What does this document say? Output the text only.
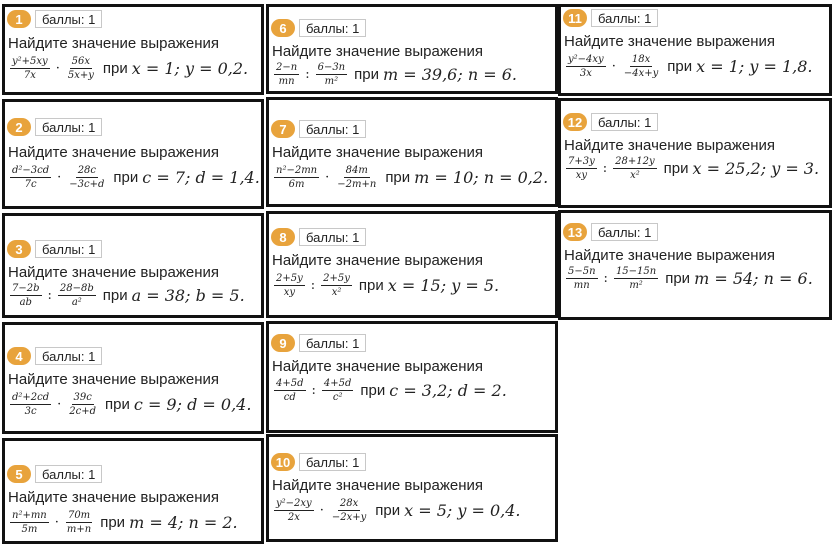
1	баллы: 1
Найдите значение выражения
$\frac{\text{y²+5xy}}{7x} \cdot \frac{56x}{5x+y}$ при x = 1; y = 0,2.
2	баллы: 1
Найдите значение выражения
$\frac{\text{d²−3cd}}{7c} \cdot \frac{28c}{-3c+d}$ при c = 7; d = 1,4.
3	баллы: 1
Найдите значение выражения
$\frac{7-2b}{ab}$ : $\frac{28-8b}{\text{a²}}$ при a = 38; b = 5.
4	баллы: 1
Найдите значение выражения
$\frac{\text{d²+2cd}}{3c} \cdot \frac{39c}{2c+d}$ при c = 9; d = 0,4.
5	баллы: 1
Найдите значение выражения
$\frac{\text{n²+mn}}{5m} \cdot \frac{70m}{m+n}$ при m = 4; n = 2.
6	баллы: 1
Найдите значение выражения
$\frac{2-n}{mn}$ : $\frac{6-3n}{\text{m²}}$ при m = 39,6; n = 6.
7	баллы: 1
Найдите значение выражения
$\frac{\text{n²−2mn}}{6m} \cdot \frac{84m}{-2m+n}$ при m = 10; n = 0,2.
8	баллы: 1
Найдите значение выражения
$\frac{2+5y}{xy}$ : $\frac{2+5y}{\text{x²}}$ при x = 15; y = 5.
9	баллы: 1
Найдите значение выражения
$\frac{4+5d}{cd}$ : $\frac{4+5d}{\text{c²}}$ при c = 3,2; d = 2.
10	баллы: 1
Найдите значение выражения
$\frac{\text{y²−2xy}}{2x} \cdot \frac{28x}{-2x+y}$ при x = 5; y = 0,4.
11	баллы: 1
Найдите значение выражения
$\frac{\text{y²−4xy}}{3x} \cdot \frac{18x}{-4x+y}$ при x = 1; y = 1,8.
12	баллы: 1
Найдите значение выражения
$\frac{7+3y}{xy}$ : $\frac{28+12y}{\text{x²}}$ при x = 25,2; y = 3.
13	баллы: 1
Найдите значение выражения
$\frac{5-5n}{mn}$ : $\frac{15-15n}{\text{m²}}$ при m = 54; n = 6.
